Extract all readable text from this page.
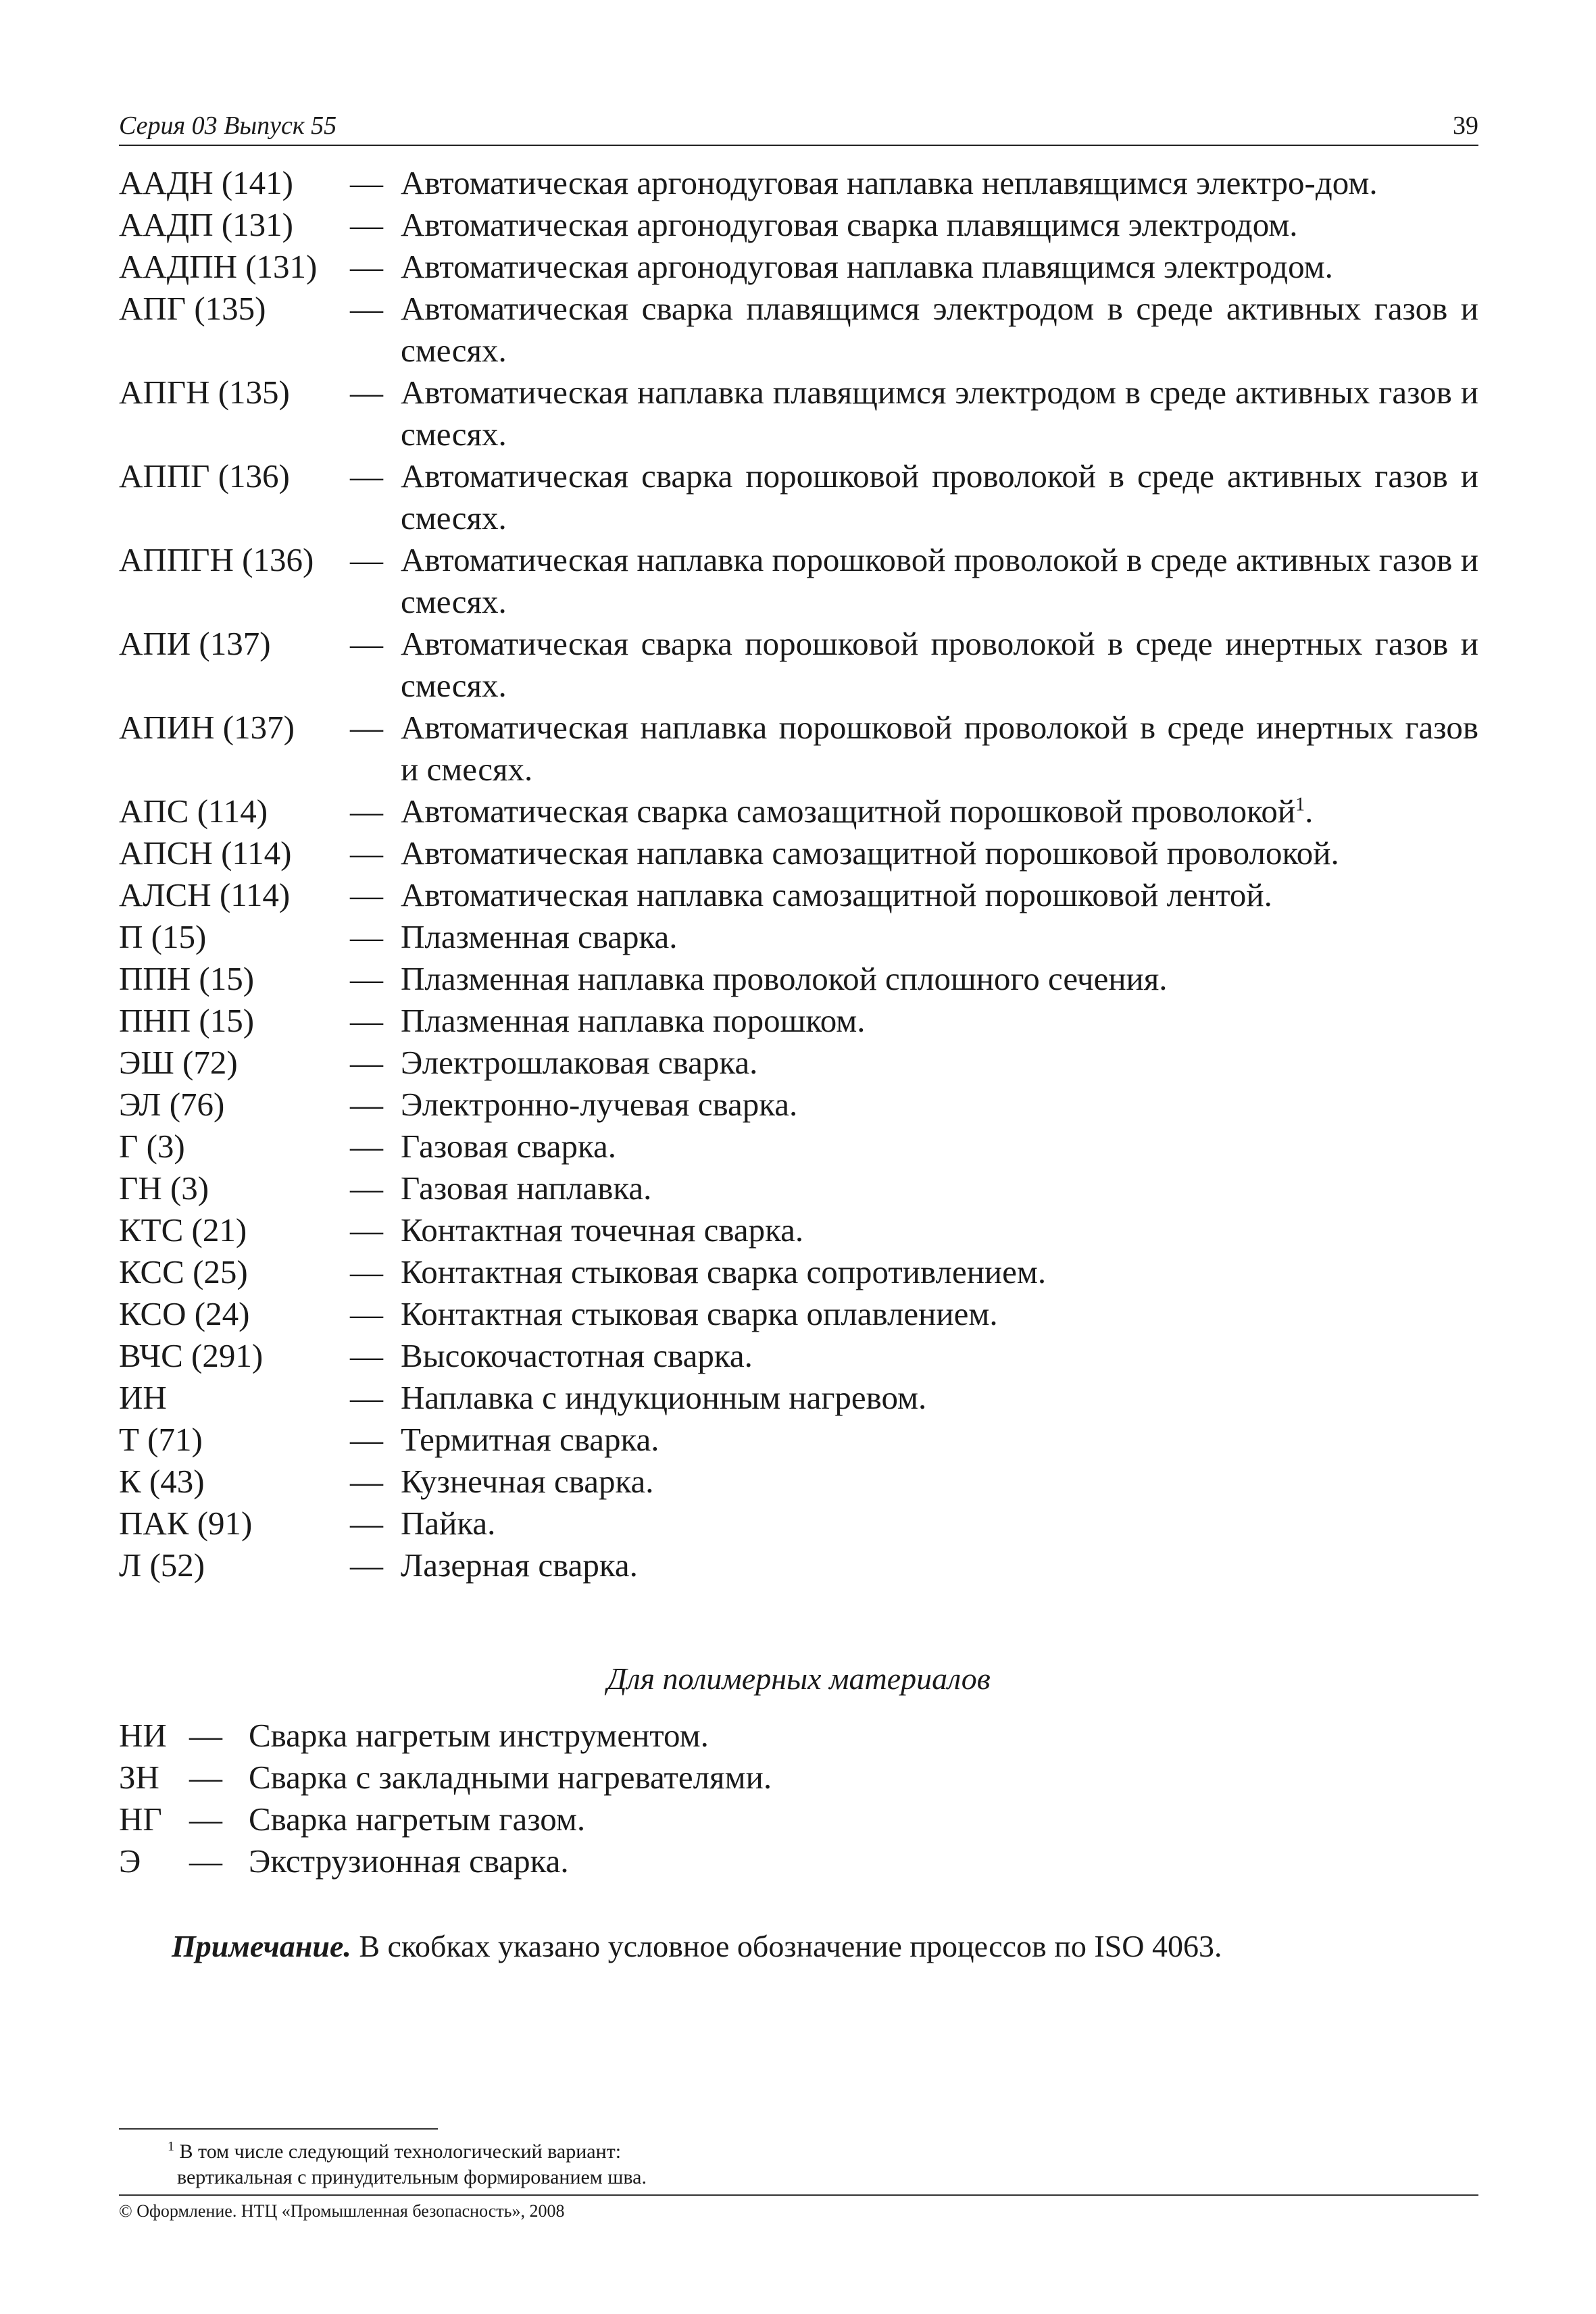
Серия 03 Выпуск 55	39
ААДН (141)	— Автоматическая аргонодуговая наплавка неплавящимся электро-дом.
ААДП (131)	— Автоматическая аргонодуговая сварка плавящимся электродом.
ААДПН (131) — Автоматическая аргонодуговая наплавка плавящимся электродом.
АПГ (135)	— Автоматическая сварка плавящимся электродом в среде активных газов и смесях.
АПГН (135)	— Автоматическая наплавка плавящимся электродом в среде активных газов и смесях.
АППГ (136)	— Автоматическая сварка порошковой проволокой в среде активных газов и смесях.
АППГН (136)	— Автоматическая наплавка порошковой проволокой в среде активных газов и смесях.
АПИ (137)	— Автоматическая сварка порошковой проволокой в среде инертных газов и смесях.
АПИН (137)	— Автоматическая наплавка порошковой проволокой в среде инертных газов и смесях.
АПС (114)	— Автоматическая сварка самозащитной порошковой проволокой$^1$.
АПСН (114)	— Автоматическая наплавка самозащитной порошковой проволокой.
АЛСН (114)	— Автоматическая наплавка самозащитной порошковой лентой.
П (15)	— Плазменная сварка.
ППН (15)	— Плазменная наплавка проволокой сплошного сечения.
ПНП (15)	— Плазменная наплавка порошком.
ЭШ (72)	— Электрошлаковая сварка.
ЭЛ (76)	— Электронно-лучевая сварка.
Г (3)	— Газовая сварка.
ГН (3)	— Газовая наплавка.
КТС (21)	— Контактная точечная сварка.
КСС (25)	— Контактная стыковая сварка сопротивлением.
КСО (24)	— Контактная стыковая сварка оплавлением.
ВЧС (291)	— Высокочастотная сварка.
ИН	— Наплавка с индукционным нагревом.
Т (71)	— Термитная сварка.
К (43)	— Кузнечная сварка.
ПАК (91)	— Пайка.
Л (52)	— Лазерная сварка.
Для полимерных материалов
НИ — Сварка нагретым инструментом.
ЗН — Сварка с закладными нагревателями.
НГ — Сварка нагретым газом.
Э	— Экструзионная сварка.
Примечание. В скобках указано условное обозначение процессов по ISO 4063.
$^1$ В том числе следующий технологический вариант:
вертикальная с принудительным формированием шва.
© Оформление. НТЦ «Промышленная безопасность», 2008
